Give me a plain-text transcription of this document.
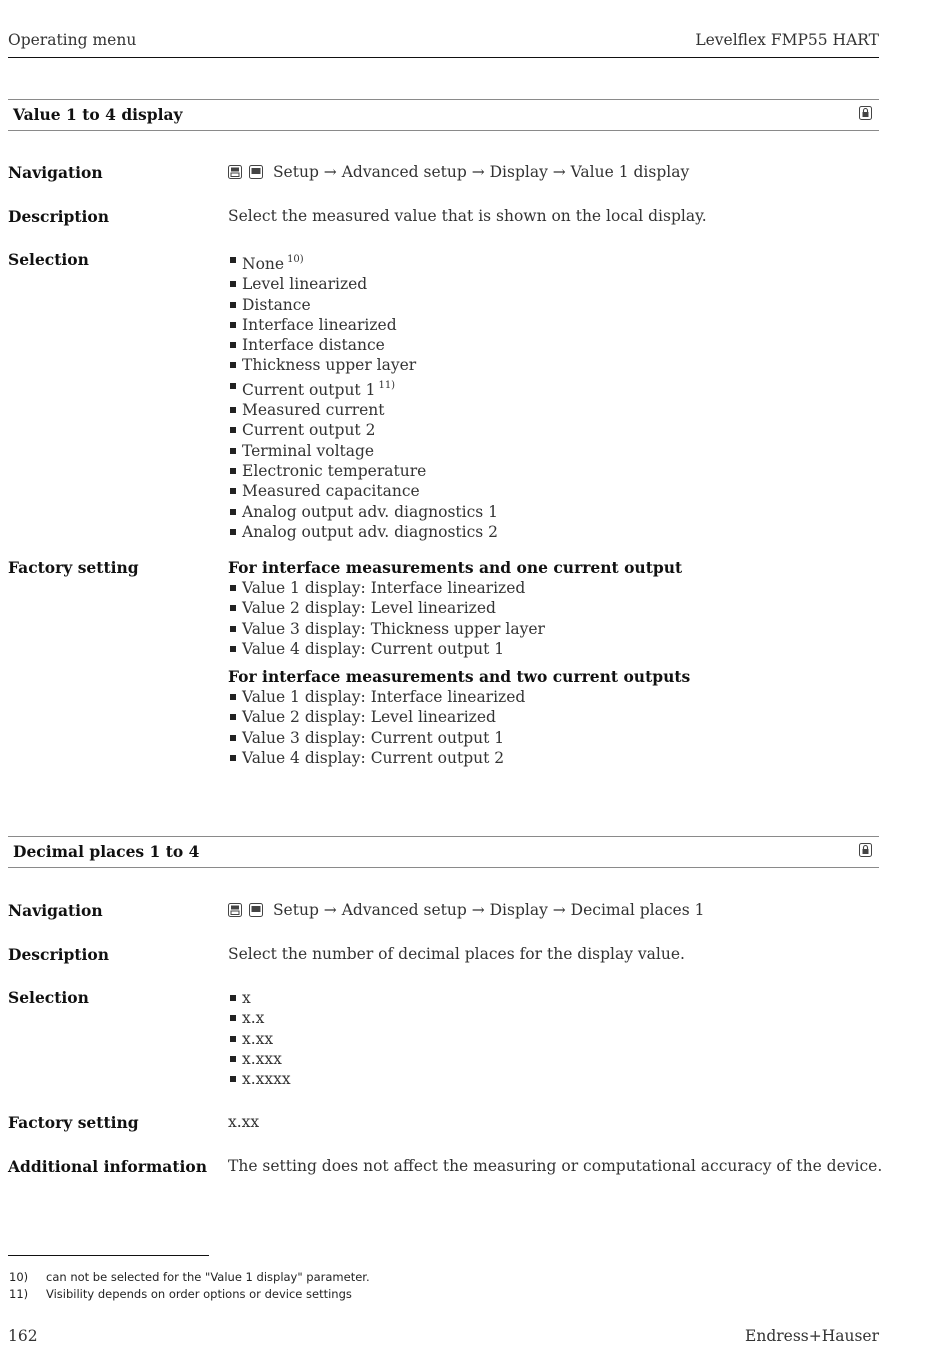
Operating menu	Levelflex FMP55 HART
Value 1 to 4 display
Navigation	Setup → Advanced setup → Display → Value 1 display
Description	Select the measured value that is shown on the local display.
Selection	None $^{10)}$
Level linearized
Distance
Interface linearized
Interface distance
Thickness upper layer
Current output 1 $^{11)}$
Measured current
Current output 2
Terminal voltage
Electronic temperature
Measured capacitance
Analog output adv. diagnostics 1
Analog output adv. diagnostics 2
Factory setting	For interface measurements and one current output
Value 1 display: Interface linearized
Value 2 display: Level linearized
Value 3 display: Thickness upper layer
Value 4 display: Current output 1
For interface measurements and two current outputs
Value 1 display: Interface linearized
Value 2 display: Level linearized
Value 3 display: Current output 1
Value 4 display: Current output 2
Decimal places 1 to 4
Navigation	Setup → Advanced setup → Display → Decimal places 1
Description	Select the number of decimal places for the display value.
Selection	x
x.x
x.xx
x.xxx
x.xxxx
Factory setting	x.xx
Additional information The setting does not affect the measuring or computational accuracy of the device.
10) can not be selected for the "Value 1 display" parameter.
11) Visibility depends on order options or device settings
162	Endress+Hauser
